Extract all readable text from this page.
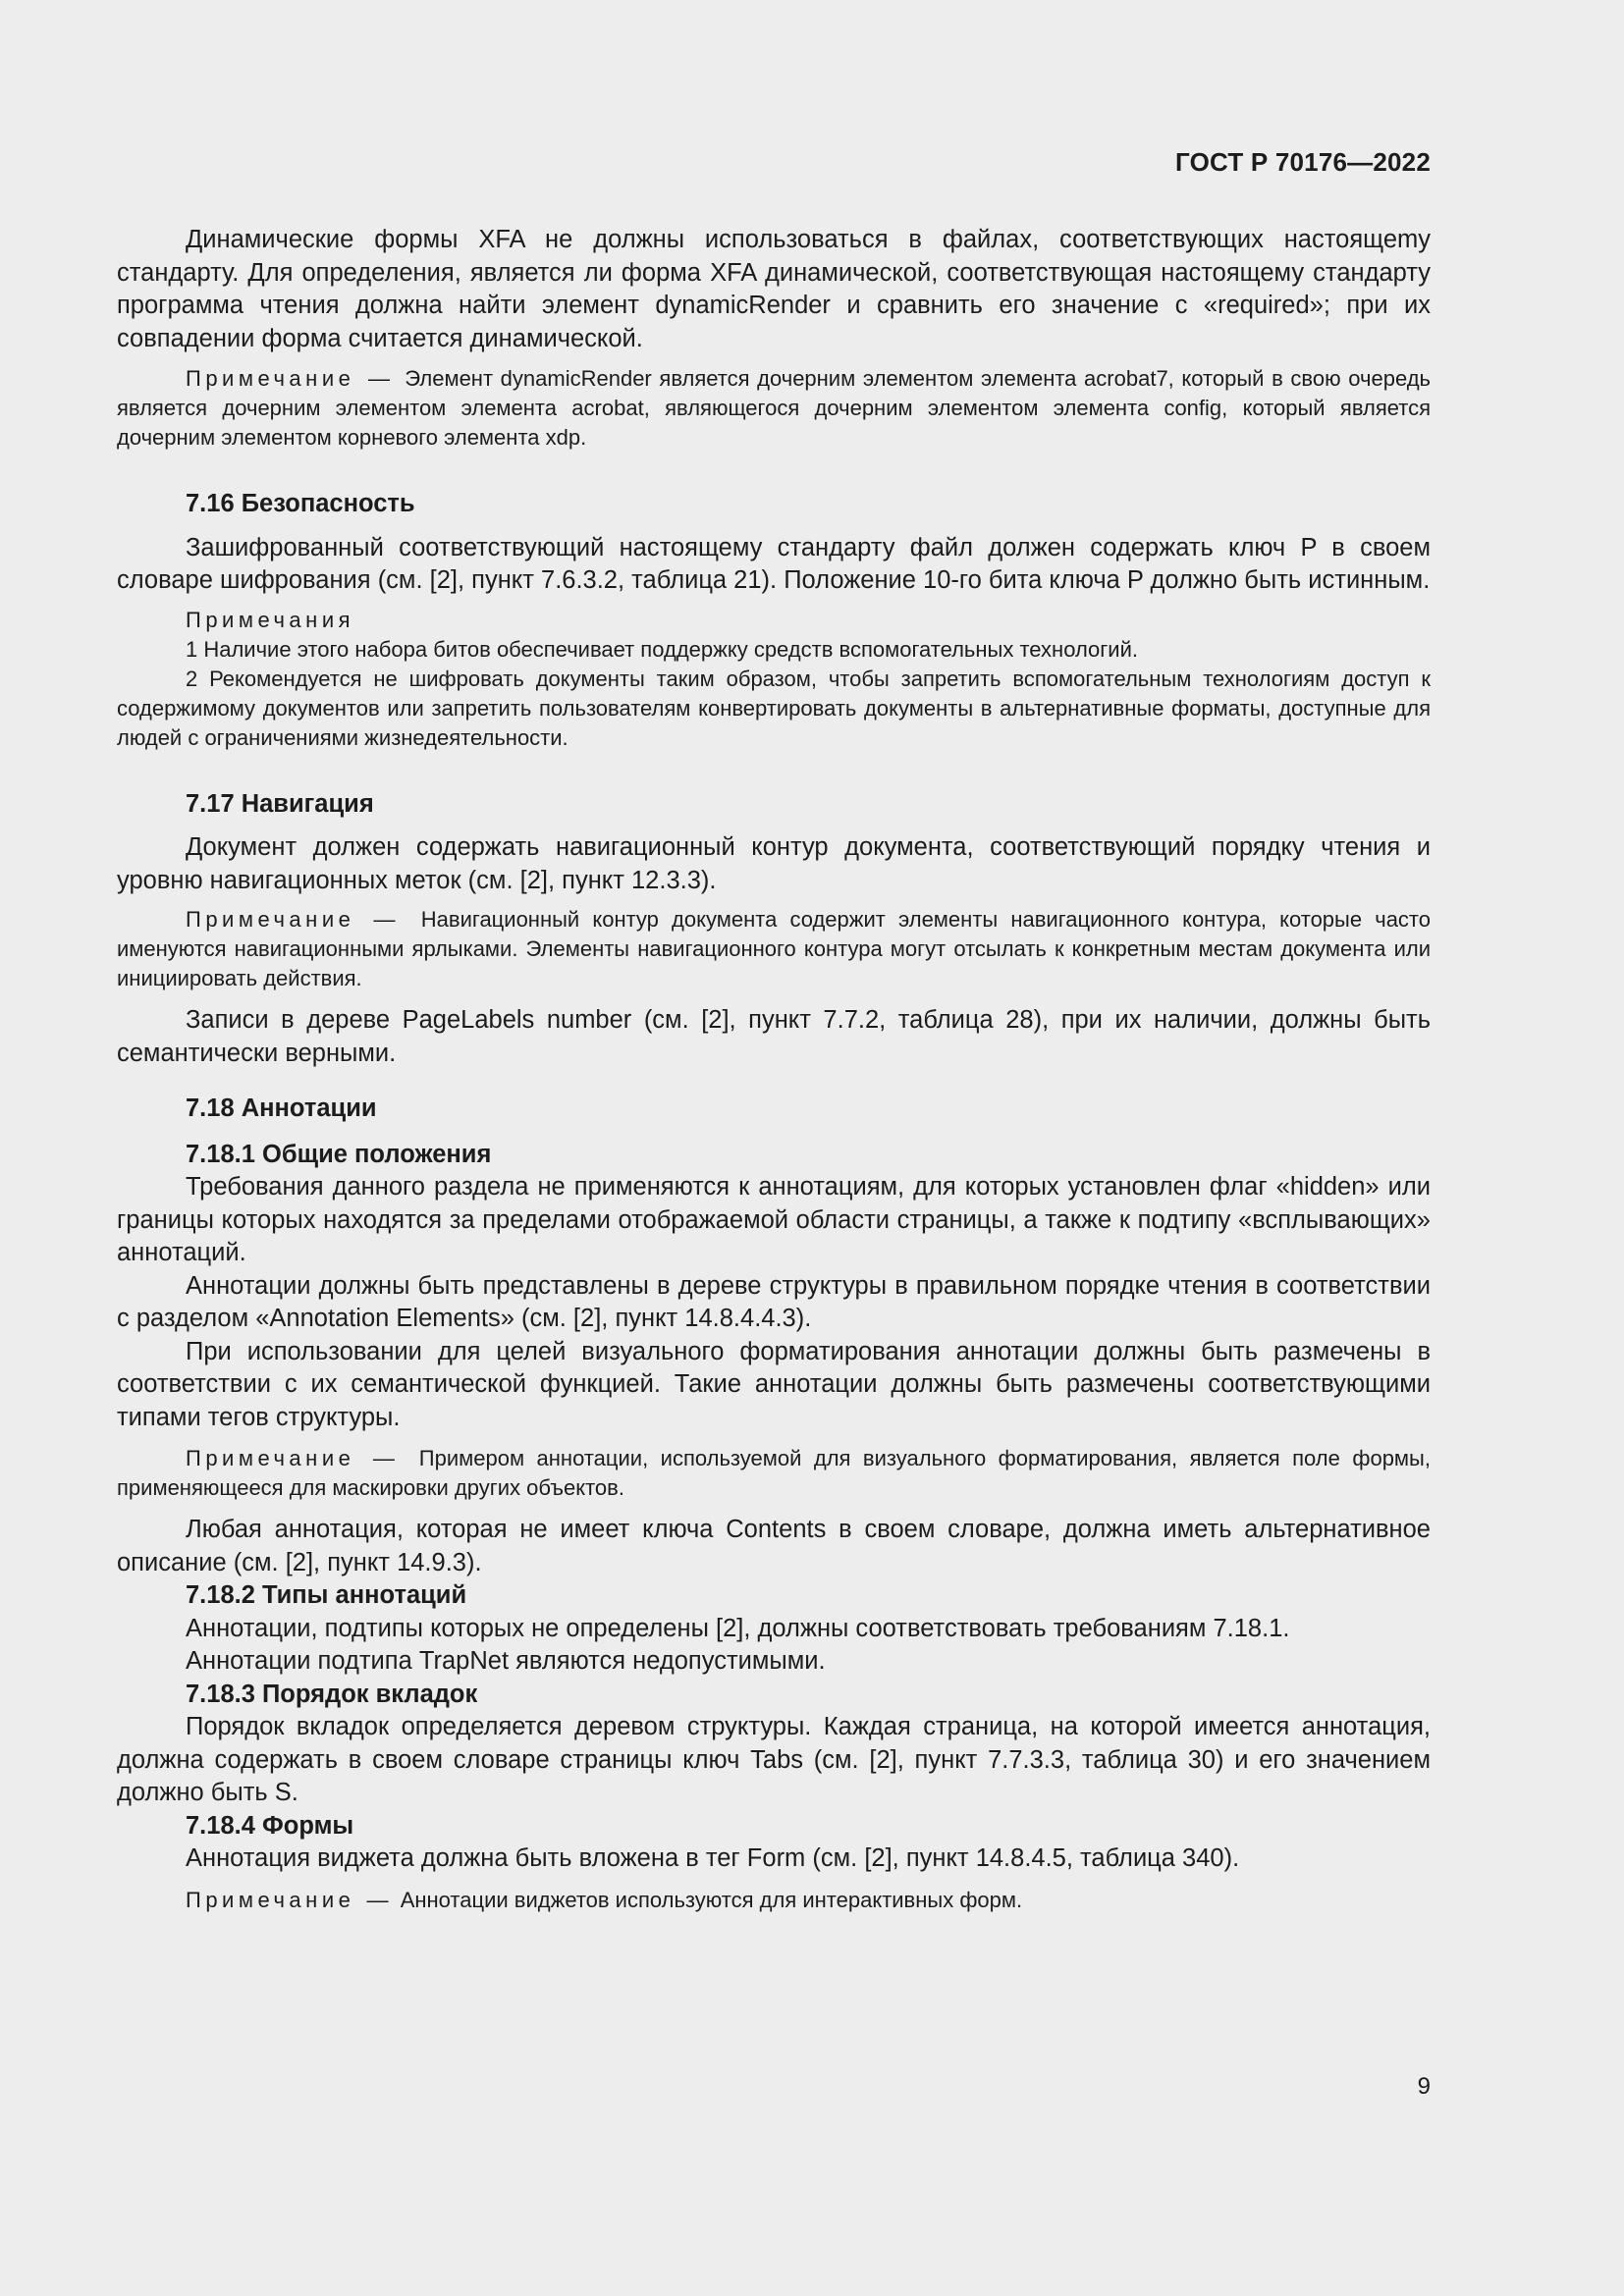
ГОСТ Р 70176—2022

Динамические формы XFA не должны использоваться в файлах, соответствующих настоящеmу стандарту. Для определения, является ли форма XFA динамической, соответствующая настоящему стандарту программа чтения должна найти элемент dynamicRender и сравнить его значение с «required»; при их совпадении форма считается динамической.

Примечание — Элемент dynamicRender является дочерним элементом элемента acrobat7, который в свою очередь является дочерним элементом элемента acrobat, являющегося дочерним элементом элемента config, который является дочерним элементом корневого элемента xdp.

7.16 Безопасность

Зашифрованный соответствующий настоящему стандарту файл должен содержать ключ P в своем словаре шифрования (см. [2], пункт 7.6.3.2, таблица 21). Положение 10-го бита ключа P должно быть истинным.

Примечания

1 Наличие этого набора битов обеспечивает поддержку средств вспомогательных технологий.

2 Рекомендуется не шифровать документы таким образом, чтобы запретить вспомогательным технологиям доступ к содержимому документов или запретить пользователям конвертировать документы в альтернативные форматы, доступные для людей с ограничениями жизнедеятельности.

7.17 Навигация

Документ должен содержать навигационный контур документа, соответствующий порядку чтения и уровню навигационных меток (см. [2], пункт 12.3.3).

Примечание — Навигационный контур документа содержит элементы навигационного контура, которые часто именуются навигационными ярлыками. Элементы навигационного контура могут отсылать к конкретным местам документа или инициировать действия.

Записи в дереве PageLabels number (см. [2], пункт 7.7.2, таблица 28), при их наличии, должны быть семантически верными.

7.18 Аннотации

7.18.1 Общие положения

Требования данного раздела не применяются к аннотациям, для которых установлен флаг «hidden» или границы которых находятся за пределами отображаемой области страницы, а также к подтипу «всплывающих» аннотаций.

Аннотации должны быть представлены в дереве структуры в правильном порядке чтения в соответствии с разделом «Annotation Elements» (см. [2], пункт 14.8.4.4.3).

При использовании для целей визуального форматирования аннотации должны быть размечены в соответствии с их семантической функцией. Такие аннотации должны быть размечены соответствующими типами тегов структуры.

Примечание — Примером аннотации, используемой для визуального форматирования, является поле формы, применяющееся для маскировки других объектов.

Любая аннотация, которая не имеет ключа Contents в своем словаре, должна иметь альтернативное описание (см. [2], пункт 14.9.3).

7.18.2 Типы аннотаций

Аннотации, подтипы которых не определены [2], должны соответствовать требованиям 7.18.1.

Аннотации подтипа TrapNet являются недопустимыми.

7.18.3 Порядок вкладок

Порядок вкладок определяется деревом структуры. Каждая страница, на которой имеется аннотация, должна содержать в своем словаре страницы ключ Tabs (см. [2], пункт 7.7.3.3, таблица 30) и его значением должно быть S.

7.18.4 Формы

Аннотация виджета должна быть вложена в тег Form (см. [2], пункт 14.8.4.5, таблица 340).

Примечание — Аннотации виджетов используются для интерактивных форм.

9
